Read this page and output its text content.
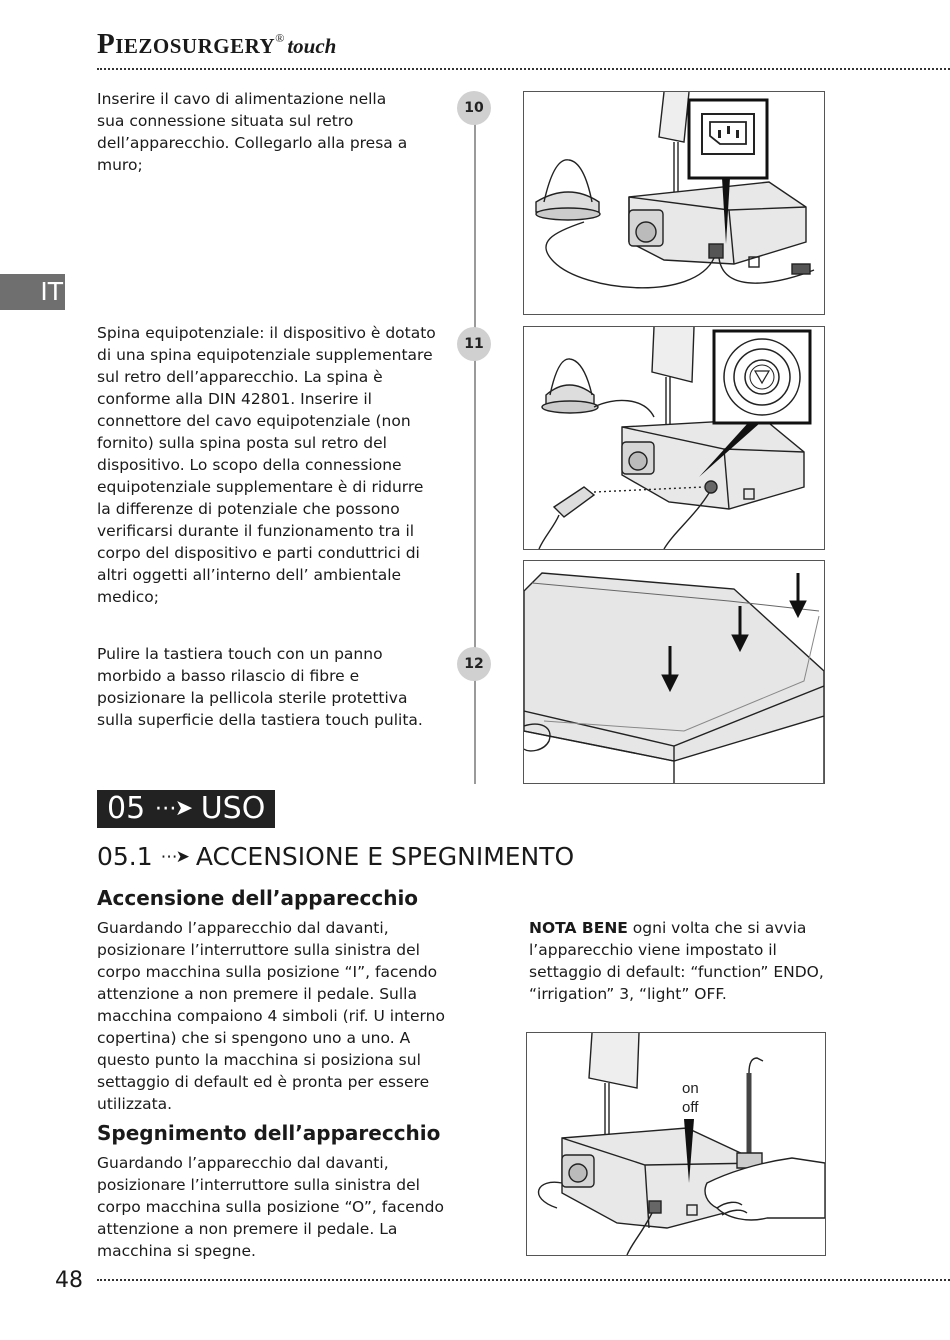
PIEZOSURGERY® touch
IT
Inserire il cavo di alimentazione nella sua connessione situata sul retro dell’apparecchio. Collegarlo alla presa a muro;
10
Spina equipotenziale: il dispositivo è dotato di una spina equipotenziale supplementare sul retro dell’apparecchio. La spina è conforme alla DIN 42801. Inserire il connettore del cavo equipotenziale (non fornito) sulla spina posta sul retro del dispositivo. Lo scopo della connessione equipotenziale supplementare è di ridurre la differenze di potenziale che possono verificarsi durante il funzionamento tra il corpo del dispositivo e parti conduttrici di altri oggetti all’interno dell’ ambientale medico;
11
Pulire la tastiera touch con un panno morbido a basso rilascio di fibre e posizionare la pellicola sterile protettiva sulla superficie della tastiera touch pulita.
12
05 ⋯➤ USO
05.1 ⋯➤ ACCENSIONE E SPEGNIMENTO
Accensione dell’apparecchio
Guardando l’apparecchio dal davanti, posizionare l’interruttore sulla sinistra del corpo macchina sulla posizione “I”, facendo attenzione a non premere il pedale. Sulla macchina compaiono 4 simboli (rif. U interno copertina) che si spengono uno a uno. A questo punto la macchina si posiziona sul settaggio di default ed è pronta per essere utilizzata.
Spegnimento dell’apparecchio
Guardando l’apparecchio dal davanti, posizionare l’interruttore sulla sinistra del corpo macchina sulla posizione “O”, facendo attenzione a non premere il pedale. La macchina si spegne.
NOTA BENE ogni volta che si avvia l’apparecchio viene impostato il settaggio di default: “function” ENDO, “irrigation” 3, “light” OFF.
on
off
48
